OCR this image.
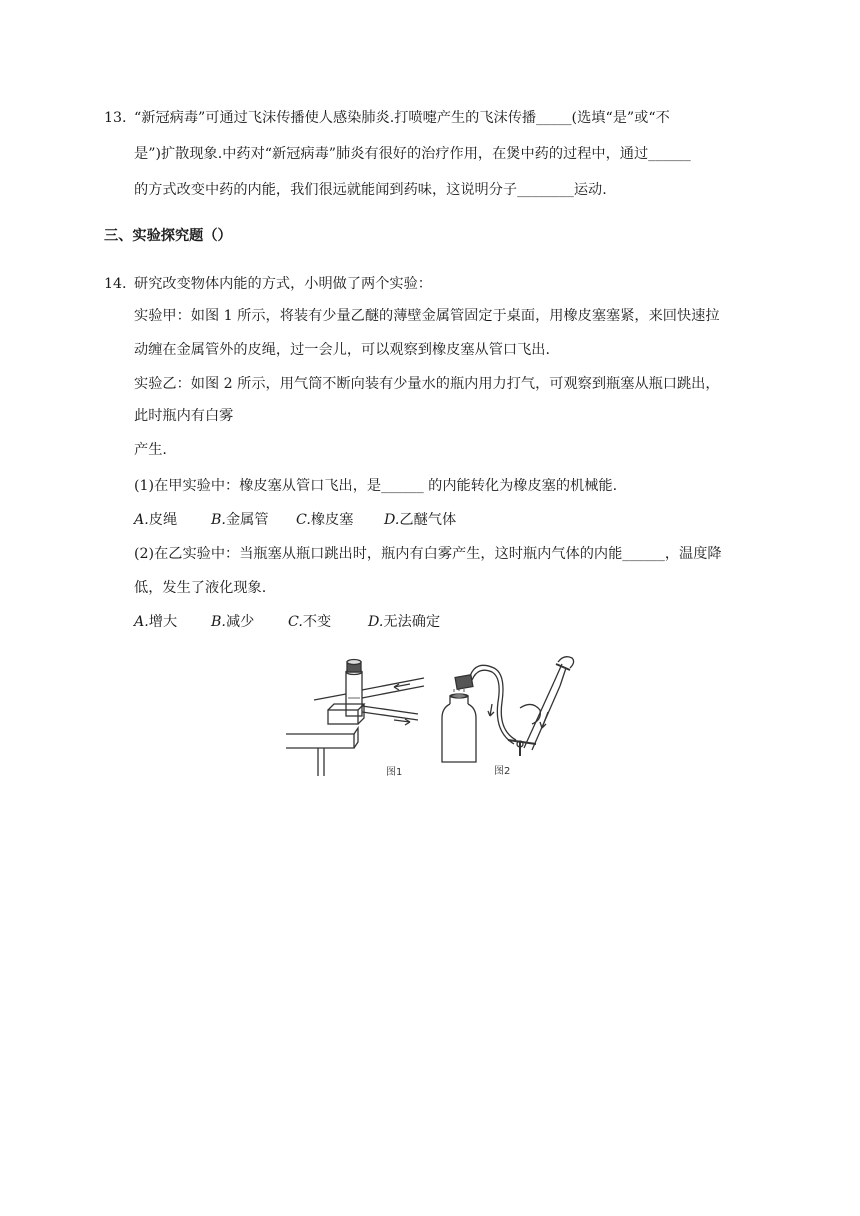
13. “新冠病毒”可通过飞沫传播使人感染肺炎.打喷嚏产生的飞沫传播_____(选填“是”或“不
是”)扩散现象.中药对“新冠病毒”肺炎有很好的治疗作用，在煲中药的过程中，通过______
的方式改变中药的内能，我们很远就能闻到药味，这说明分子________运动.
三、实验探究题（）
14. 研究改变物体内能的方式，小明做了两个实验：
实验甲：如图 1 所示，将装有少量乙醚的薄壁金属管固定于桌面，用橡皮塞塞紧，来回快速拉
动缠在金属管外的皮绳，过一会儿，可以观察到橡皮塞从管口飞出.
实验乙：如图 2 所示，用气筒不断向装有少量水的瓶内用力打气，可观察到瓶塞从瓶口跳出，
此时瓶内有白雾
产生.
(1)在甲实验中：橡皮塞从管口飞出，是______ 的内能转化为橡皮塞的机械能.
A.皮绳 B.金属管 C.橡皮塞 D.乙醚气体
(2)在乙实验中：当瓶塞从瓶口跳出时，瓶内有白雾产生，这时瓶内气体的内能______，温度降
低，发生了液化现象.
A.增大 B.减少 C.不变	D.无法确定
图1	图2
